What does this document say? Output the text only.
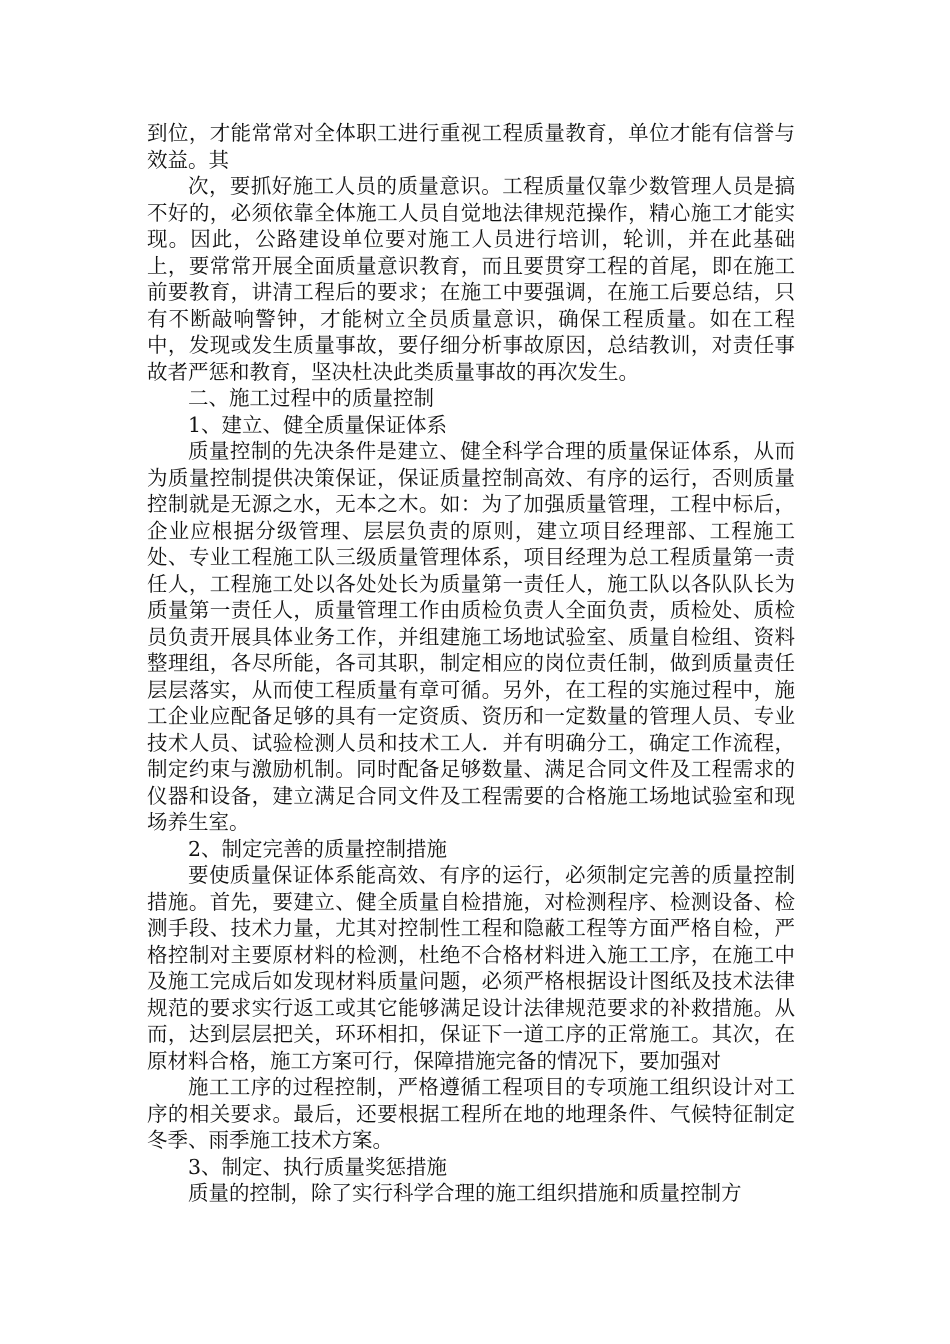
到位，才能常常对全体职工进行重视工程质量教育，单位才能有信誉与效益。其

次，要抓好施工人员的质量意识。工程质量仅靠少数管理人员是搞不好的，必须依靠全体施工人员自觉地法律规范操作，精心施工才能实现。因此，公路建设单位要对施工人员进行培训，轮训，并在此基础上，要常常开展全面质量意识教育，而且要贯穿工程的首尾，即在施工前要教育，讲清工程后的要求；在施工中要强调，在施工后要总结，只有不断敲响警钟，才能树立全员质量意识，确保工程质量。如在工程中，发现或发生质量事故，要仔细分析事故原因，总结教训，对责任事故者严惩和教育，坚决杜决此类质量事故的再次发生。

二、施工过程中的质量控制

1、建立、健全质量保证体系

质量控制的先决条件是建立、健全科学合理的质量保证体系，从而为质量控制提供决策保证，保证质量控制高效、有序的运行，否则质量控制就是无源之水，无本之木。如：为了加强质量管理，工程中标后，企业应根据分级管理、层层负责的原则，建立项目经理部、工程施工处、专业工程施工队三级质量管理体系，项目经理为总工程质量第一责任人，工程施工处以各处处长为质量第一责任人，施工队以各队队长为质量第一责任人，质量管理工作由质检负责人全面负责，质检处、质检员负责开展具体业务工作，并组建施工场地试验室、质量自检组、资料整理组，各尽所能，各司其职，制定相应的岗位责任制，做到质量责任层层落实，从而使工程质量有章可循。另外，在工程的实施过程中，施工企业应配备足够的具有一定资质、资历和一定数量的管理人员、专业技术人员、试验检测人员和技术工人．并有明确分工，确定工作流程，制定约束与激励机制。同时配备足够数量、满足合同文件及工程需求的仪器和设备，建立满足合同文件及工程需要的合格施工场地试验室和现场养生室。

2、制定完善的质量控制措施

要使质量保证体系能高效、有序的运行，必须制定完善的质量控制措施。首先，要建立、健全质量自检措施，对检测程序、检测设备、检测手段、技术力量，尤其对控制性工程和隐蔽工程等方面严格自检，严格控制对主要原材料的检测，杜绝不合格材料进入施工工序，在施工中及施工完成后如发现材料质量问题，必须严格根据设计图纸及技术法律规范的要求实行返工或其它能够满足设计法律规范要求的补救措施。从而，达到层层把关，环环相扣，保证下一道工序的正常施工。其次，在原材料合格，施工方案可行，保障措施完备的情况下，要加强对

施工工序的过程控制，严格遵循工程项目的专项施工组织设计对工序的相关要求。最后，还要根据工程所在地的地理条件、气候特征制定冬季、雨季施工技术方案。

3、制定、执行质量奖惩措施

质量的控制，除了实行科学合理的施工组织措施和质量控制方
